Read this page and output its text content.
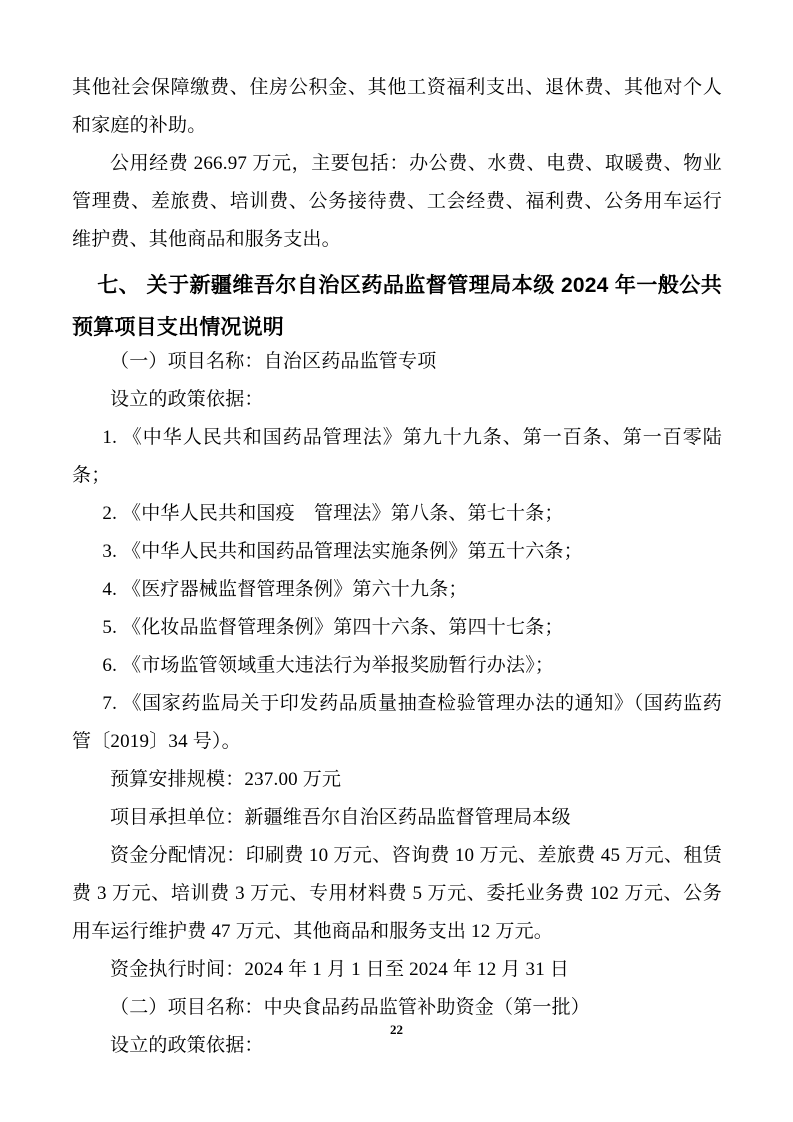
其他社会保障缴费、住房公积金、其他工资福利支出、退休费、其他对个人和家庭的补助。

公用经费 266.97 万元，主要包括：办公费、水费、电费、取暖费、物业管理费、差旅费、培训费、公务接待费、工会经费、福利费、公务用车运行维护费、其他商品和服务支出。

七、 关于新疆维吾尔自治区药品监督管理局本级 2024 年一般公共预算项目支出情况说明

（一）项目名称：自治区药品监管专项

设立的政策依据：

1. 《中华人民共和国药品管理法》第九十九条、第一百条、第一百零陆条；

2. 《中华人民共和国疫　管理法》第八条、第七十条；

3. 《中华人民共和国药品管理法实施条例》第五十六条；

4. 《医疗器械监督管理条例》第六十九条；

5. 《化妆品监督管理条例》第四十六条、第四十七条；

6. 《市场监管领域重大违法行为举报奖励暂行办法》；

7. 《国家药监局关于印发药品质量抽查检验管理办法的通知》（国药监药管〔2019〕34 号）。

预算安排规模：237.00 万元

项目承担单位：新疆维吾尔自治区药品监督管理局本级

资金分配情况：印刷费 10 万元、咨询费 10 万元、差旅费 45 万元、租赁费 3 万元、培训费 3 万元、专用材料费 5 万元、委托业务费 102 万元、公务用车运行维护费 47 万元、其他商品和服务支出 12 万元。

资金执行时间：2024 年 1 月 1 日至 2024 年 12 月 31 日

（二）项目名称：中央食品药品监管补助资金（第一批）

设立的政策依据：

22
